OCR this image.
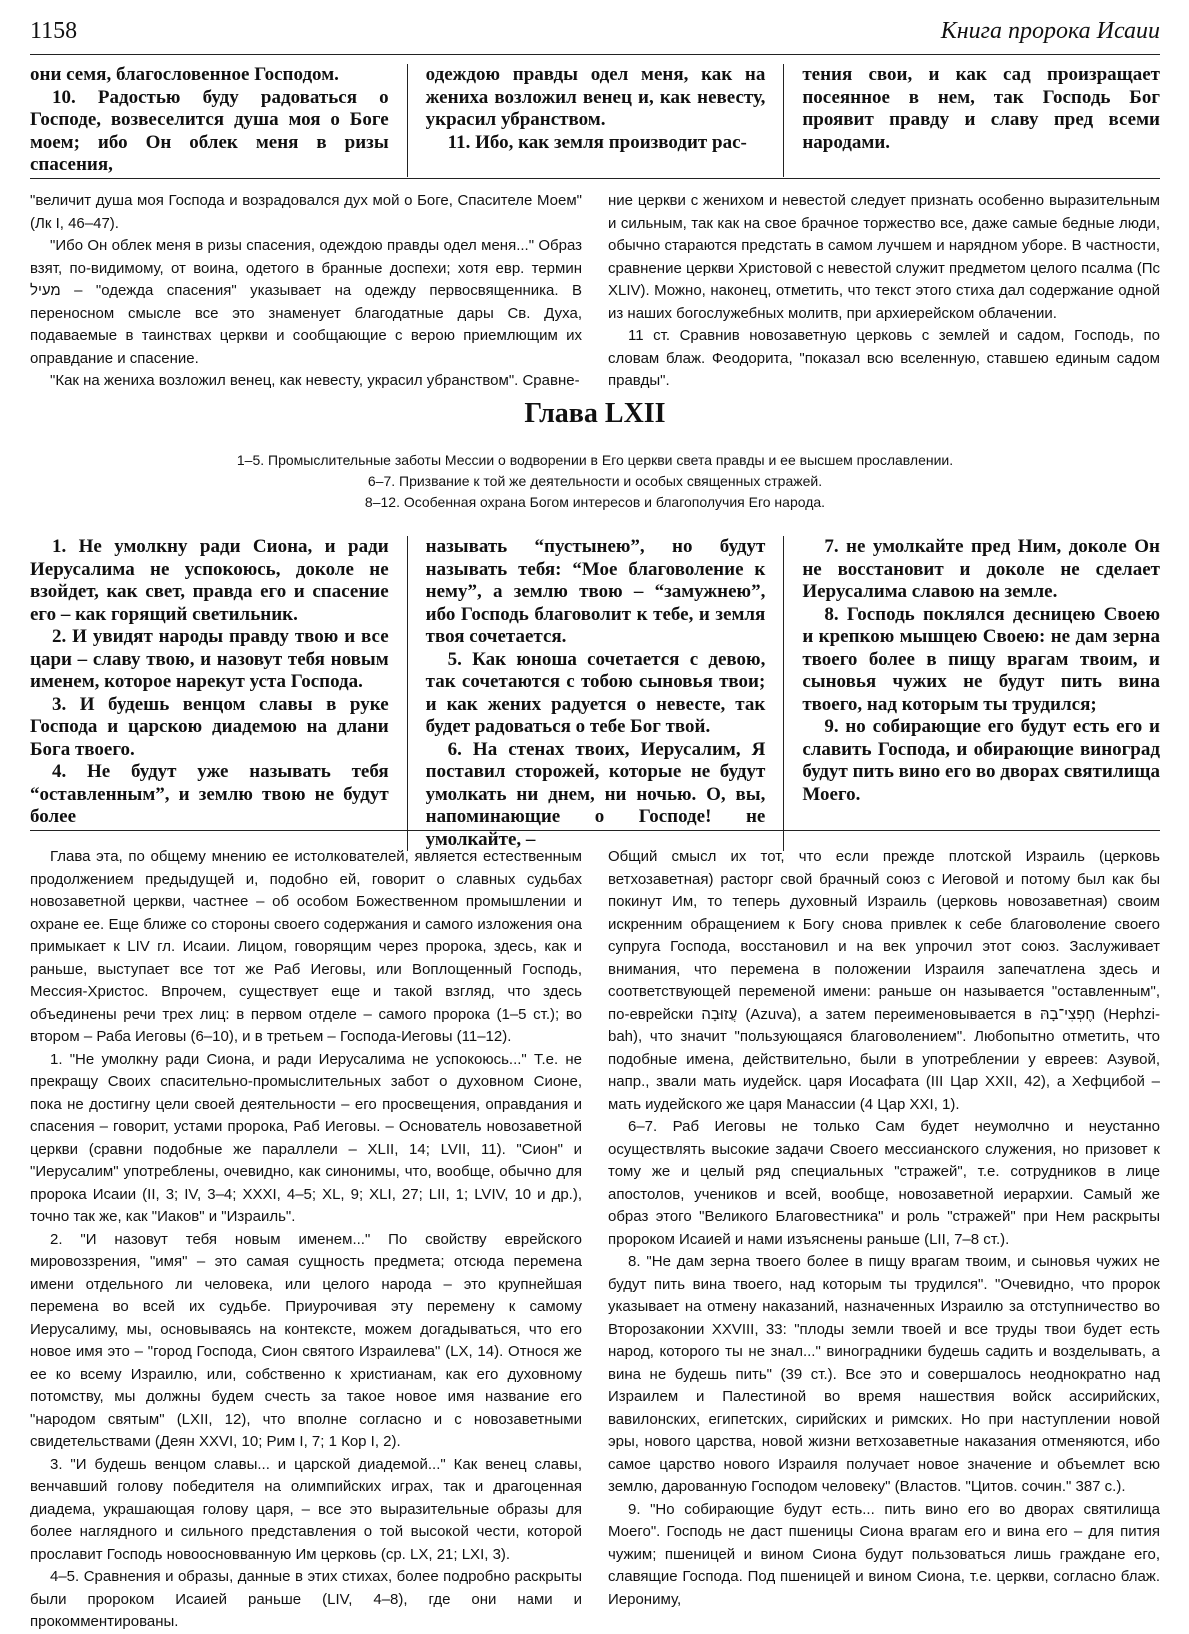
1158	Книга пророка Исаии

они семя, благословенное Господом.

10. Радостью буду радоваться о Господе, возвеселится душа моя о Боге моем; ибо Он облек меня в ризы спасения,

одеждою правды одел меня, как на жениха возложил венец и, как невесту, украсил убранством.

11. Ибо, как земля производит рас-

тения свои, и как сад произращает посеянное в нем, так Господь Бог проявит правду и славу пред всеми народами.

"величит душа моя Господа и возрадовался дух мой о Боге, Спасителе Моем" (Лк I, 46–47).

"Ибо Он облек меня в ризы спасения, одеждою правды одел меня..." Образ взят, по-видимому, от воина, одетого в бранные доспехи; хотя евр. термин מעיל – "одежда спасения" указывает на одежду первосвященника. В переносном смысле все это знаменует благодатные дары Св. Духа, подаваемые в таинствах церкви и сообщающие с верою приемлющим их оправдание и спасение.

"Как на жениха возложил венец, как невесту, украсил убранством". Сравне-

ние церкви с женихом и невестой следует признать особенно выразительным и сильным, так как на свое брачное торжество все, даже самые бедные люди, обычно стараются предстать в самом лучшем и нарядном уборе. В частности, сравнение церкви Христовой с невестой служит предметом целого псалма (Пс XLIV). Можно, наконец, отметить, что текст этого стиха дал содержание одной из наших богослужебных молитв, при архиерейском облачении.

11 ст. Сравнив новозаветную церковь с землей и садом, Господь, по словам блаж. Феодорита, "показал всю вселенную, ставшею единым садом правды".

Глава LXII
1–5. Промыслительные заботы Мессии о водворении в Его церкви света правды и ее высшем прославлении.
6–7. Призвание к той же деятельности и особых священных стражей.
8–12. Особенная охрана Богом интересов и благополучия Его народа.

1. Не умолкну ради Сиона, и ради Иерусалима не успокоюсь, доколе не взойдет, как свет, правда его и спасение его – как горящий светильник.

2. И увидят народы правду твою и все цари – славу твою, и назовут тебя новым именем, которое нарекут уста Господа.

3. И будешь венцом славы в руке Господа и царскою диадемою на длани Бога твоего.

4. Не будут уже называть тебя “оставленным”, и землю твою не будут более

называть “пустынею”, но будут называть тебя: “Мое благоволение к нему”, а землю твою – “замужнею”, ибо Господь благоволит к тебе, и земля твоя сочетается.

5. Как юноша сочетается с девою, так сочетаются с тобою сыновья твои; и как жених радуется о невесте, так будет радоваться о тебе Бог твой.

6. На стенах твоих, Иерусалим, Я поставил сторожей, которые не будут умолкать ни днем, ни ночью. О, вы, напоминающие о Господе! не умолкайте, –

7. не умолкайте пред Ним, доколе Он не восстановит и доколе не сделает Иерусалима славою на земле.

8. Господь поклялся десницею Своею и крепкою мышцею Своею: не дам зерна твоего более в пищу врагам твоим, и сыновья чужих не будут пить вина твоего, над которым ты трудился;

9. но собирающие его будут есть его и славить Господа, и обирающие виноград будут пить вино его во дворах святилища Моего.

Глава эта, по общему мнению ее истолкователей, является естественным продолжением предыдущей и, подобно ей, говорит о славных судьбах новозаветной церкви, частнее – об особом Божественном промышлении и охране ее. Еще ближе со стороны своего содержания и самого изложения она примыкает к LIV гл. Исаии. Лицом, говорящим через пророка, здесь, как и раньше, выступает все тот же Раб Иеговы, или Воплощенный Господь, Мессия-Христос. Впрочем, существует еще и такой взгляд, что здесь объединены речи трех лиц: в первом отделе – самого пророка (1–5 ст.); во втором – Раба Иеговы (6–10), и в третьем – Господа-Иеговы (11–12).

1. "Не умолкну ради Сиона, и ради Иерусалима не успокоюсь..." Т.е. не прекращу Своих спасительно-промыслительных забот о духовном Сионе, пока не достигну цели своей деятельности – его просвещения, оправдания и спасения – говорит, устами пророка, Раб Иеговы. – Основатель новозаветной церкви (сравни подобные же параллели – XLII, 14; LVII, 11). "Сион" и "Иерусалим" употреблены, очевидно, как синонимы, что, вообще, обычно для пророка Исаии (II, 3; IV, 3–4; XXXI, 4–5; XL, 9; XLI, 27; LII, 1; LVIV, 10 и др.), точно так же, как "Иаков" и "Израиль".

2. "И назовут тебя новым именем..." По свойству еврейского мировоззрения, "имя" – это самая сущность предмета; отсюда перемена имени отдельного ли человека, или целого народа – это крупнейшая перемена во всей их судьбе. Приурочивая эту перемену к самому Иерусалиму, мы, основываясь на контексте, можем догадываться, что его новое имя это – "город Господа, Сион святого Израилева" (LX, 14). Относя же ее ко всему Израилю, или, собственно к христианам, как его духовному потомству, мы должны будем счесть за такое новое имя название его "народом святым" (LXII, 12), что вполне согласно и с новозаветными свидетельствами (Деян XXVI, 10; Рим I, 7; 1 Кор I, 2).

3. "И будешь венцом славы... и царской диадемой..." Как венец славы, венчавший голову победителя на олимпийских играх, так и драгоценная диадема, украшающая голову царя, – все это выразительные образы для более наглядного и сильного представления о той высокой чести, которой прославит Господь новоосновванную Им церковь (ср. LX, 21; LXI, 3).

4–5. Сравнения и образы, данные в этих стихах, более подробно раскрыты были пророком Исаией раньше (LIV, 4–8), где они нами и прокомментированы.

Общий смысл их тот, что если прежде плотской Израиль (церковь ветхозаветная) расторг свой брачный союз с Иеговой и потому был как бы покинут Им, то теперь духовный Израиль (церковь новозаветная) своим искренним обращением к Богу снова привлек к себе благоволение своего супруга Господа, восстановил и на век упрочил этот союз. Заслуживает внимания, что перемена в положении Израиля запечатлена здесь и соответствующей переменой имени: раньше он называется "оставленным", по-еврейски עֲזוּבָה (Azuva), а затем переименовывается в חֶפְצִי־בָהּ (Hephzi-bah), что значит "пользующаяся благоволением". Любопытно отметить, что подобные имена, действительно, были в употреблении у евреев: Азувой, напр., звали мать иудейск. царя Иосафата (III Цар XXII, 42), а Хефцибой – мать иудейского же царя Манассии (4 Цар XXI, 1).

6–7. Раб Иеговы не только Сам будет неумолчно и неустанно осуществлять высокие задачи Своего мессианского служения, но призовет к тому же и целый ряд специальных "стражей", т.е. сотрудников в лице апостолов, учеников и всей, вообще, новозаветной иерархии. Самый же образ этого "Великого Благовестника" и роль "стражей" при Нем раскрыты пророком Исаией и нами изъяснены раньше (LII, 7–8 ст.).

8. "Не дам зерна твоего более в пищу врагам твоим, и сыновья чужих не будут пить вина твоего, над которым ты трудился". "Очевидно, что пророк указывает на отмену наказаний, назначенных Израилю за отступничество во Второзаконии XXVIII, 33: "плоды земли твоей и все труды твои будет есть народ, которого ты не знал..." виноградники будешь садить и возделывать, а вина не будешь пить" (39 ст.). Все это и совершалось неоднократно над Израилем и Палестиной во время нашествия войск ассирийских, вавилонских, египетских, сирийских и римских. Но при наступлении новой эры, нового царства, новой жизни ветхозаветные наказания отменяются, ибо самое царство нового Израиля получает новое значение и объемлет всю землю, дарованную Господом человеку" (Властов. "Цитов. сочин." 387 с.).

9. "Но собирающие будут есть... пить вино его во дворах святилища Моего". Господь не даст пшеницы Сиона врагам его и вина его – для пития чужим; пшеницей и вином Сиона будут пользоваться лишь граждане его, славящие Господа. Под пшеницей и вином Сиона, т.е. церкви, согласно блаж. Иерониму,
